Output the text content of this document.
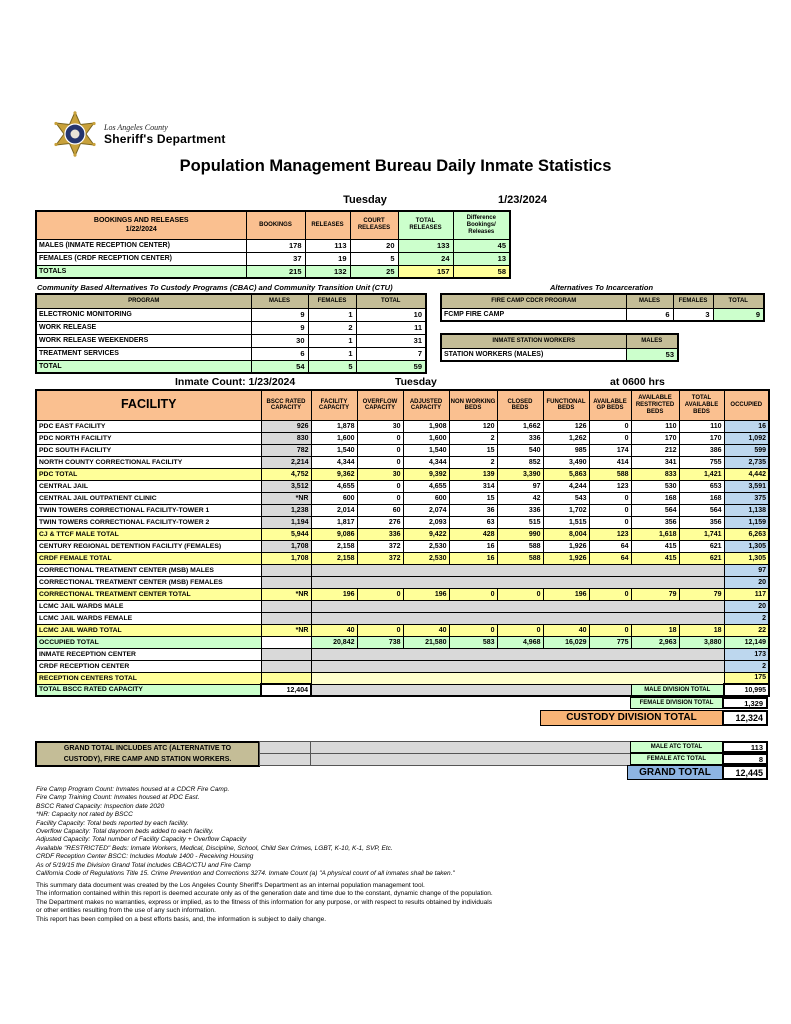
Los Angeles County
Sheriff's Department
Population Management Bureau Daily Inmate Statistics
Tuesday	1/23/2024
BOOKINGS AND RELEASES
1/22/2024	BOOKINGS	RELEASES	COURT RELEASES	TOTAL RELEASES	Difference Bookings/ Releases
MALES (INMATE RECEPTION CENTER)	178	113	20	133	45
FEMALES (CRDF RECEPTION CENTER)	37	19	5	24	13
TOTALS	215	132	25	157	58
Community Based Alternatives To Custody Programs (CBAC) and Community Transition Unit (CTU)
PROGRAM	MALES	FEMALES	TOTAL
ELECTRONIC MONITORING	9	1	10
WORK RELEASE	9	2	11
WORK RELEASE WEEKENDERS	30	1	31
TREATMENT SERVICES	6	1	7
TOTAL	54	5	59
Alternatives To Incarceration
FIRE CAMP CDCR PROGRAM	MALES	FEMALES	TOTAL
FCMP FIRE CAMP	6	3	9
INMATE STATION WORKERS	MALES
STATION WORKERS (MALES)	53
Inmate Count: 1/23/2024	Tuesday	at 0600 hrs
FACILITY	BSCC RATED CAPACITY	FACILITY CAPACITY	OVERFLOW CAPACITY	ADJUSTED CAPACITY	NON WORKING BEDS	CLOSED BEDS	FUNCTIONAL BEDS	AVAILABLE GP BEDS	AVAILABLE RESTRICTED BEDS	TOTAL AVAILABLE BEDS	OCCUPIED
PDC EAST FACILITY	926	1,878	30	1,908	120	1,662	126	0	110	110	16
PDC NORTH FACILITY	830	1,600	0	1,600	2	336	1,262	0	170	170	1,092
PDC SOUTH FACILITY	782	1,540	0	1,540	15	540	985	174	212	386	599
NORTH COUNTY CORRECTIONAL FACILITY	2,214	4,344	0	4,344	2	852	3,490	414	341	755	2,735
PDC TOTAL	4,752	9,362	30	9,392	139	3,390	5,863	588	833	1,421	4,442
CENTRAL JAIL	3,512	4,655	0	4,655	314	97	4,244	123	530	653	3,591
CENTRAL JAIL OUTPATIENT CLINIC	*NR	600	0	600	15	42	543	0	168	168	375
TWIN TOWERS CORRECTIONAL FACILITY-TOWER 1	1,238	2,014	60	2,074	36	336	1,702	0	564	564	1,138
TWIN TOWERS CORRECTIONAL FACILITY-TOWER 2	1,194	1,817	276	2,093	63	515	1,515	0	356	356	1,159
CJ & TTCF MALE TOTAL	5,944	9,086	336	9,422	428	990	8,004	123	1,618	1,741	6,263
CENTURY REGIONAL DETENTION FACILITY (FEMALES)	1,708	2,158	372	2,530	16	588	1,926	64	415	621	1,305
CRDF FEMALE TOTAL	1,708	2,158	372	2,530	16	588	1,926	64	415	621	1,305
CORRECTIONAL TREATMENT CENTER (MSB) MALES											97
CORRECTIONAL TREATMENT CENTER (MSB) FEMALES											20
CORRECTIONAL TREATMENT CENTER TOTAL	*NR	196	0	196	0	0	196	0	79	79	117
LCMC JAIL WARDS MALE											20
LCMC JAIL WARDS FEMALE											2
LCMC JAIL WARD TOTAL	*NR	40	0	40	0	0	40	0	18	18	22
OCCUPIED TOTAL		20,842	738	21,580	583	4,968	16,029	775	2,963	3,880	12,149
INMATE RECEPTION CENTER											173
CRDF RECEPTION CENTER											2
RECEPTION CENTERS TOTAL											175
TOTAL BSCC RATED CAPACITY	12,404								MALE DIVISION TOTAL		10,995
FEMALE DIVISION TOTAL	1,329
CUSTODY DIVISION TOTAL	12,324
GRAND TOTAL INCLUDES ATC (ALTERNATIVE TO
CUSTODY), FIRE CAMP AND STATION WORKERS.
MALE ATC TOTAL	113
FEMALE ATC TOTAL	8
GRAND TOTAL	12,445
Fire Camp Program Count: Inmates housed at a CDCR Fire Camp.
Fire Camp Training Count: Inmates housed at PDC East.
BSCC Rated Capacity: Inspection date 2020
*NR: Capacity not rated by BSCC
Facility Capacity: Total beds reported by each facility.
Overflow Capacity: Total dayroom beds added to each facility.
Adjusted Capacity: Total number of Facility Capacity + Overflow Capacity
Available "RESTRICTED" Beds: Inmate Workers, Medical, Discipline, School, Child Sex Crimes, LGBT, K-10, K-1, SVP, Etc.
CRDF Reception Center BSCC: Includes Module 1400 - Receiving Housing
As of 5/19/15 the Division Grand Total includes CBAC/CTU and Fire Camp
California Code of Regulations Title 15. Crime Prevention and Corrections 3274. Inmate Count (a) "A physical count of all inmates shall be taken."
This summary data document was created by the Los Angeles County Sheriff's Department as an internal population management tool.
The information contained within this report is deemed accurate only as of the generation date and time due to the constant, dynamic change of the population.
The Department makes no warranties, express or implied, as to the fitness of this information for any purpose, or with respect to results obtained by individuals
or other entities resulting from the use of any such information.
This report has been compiled on a best efforts basis, and, the information is subject to daily change.
